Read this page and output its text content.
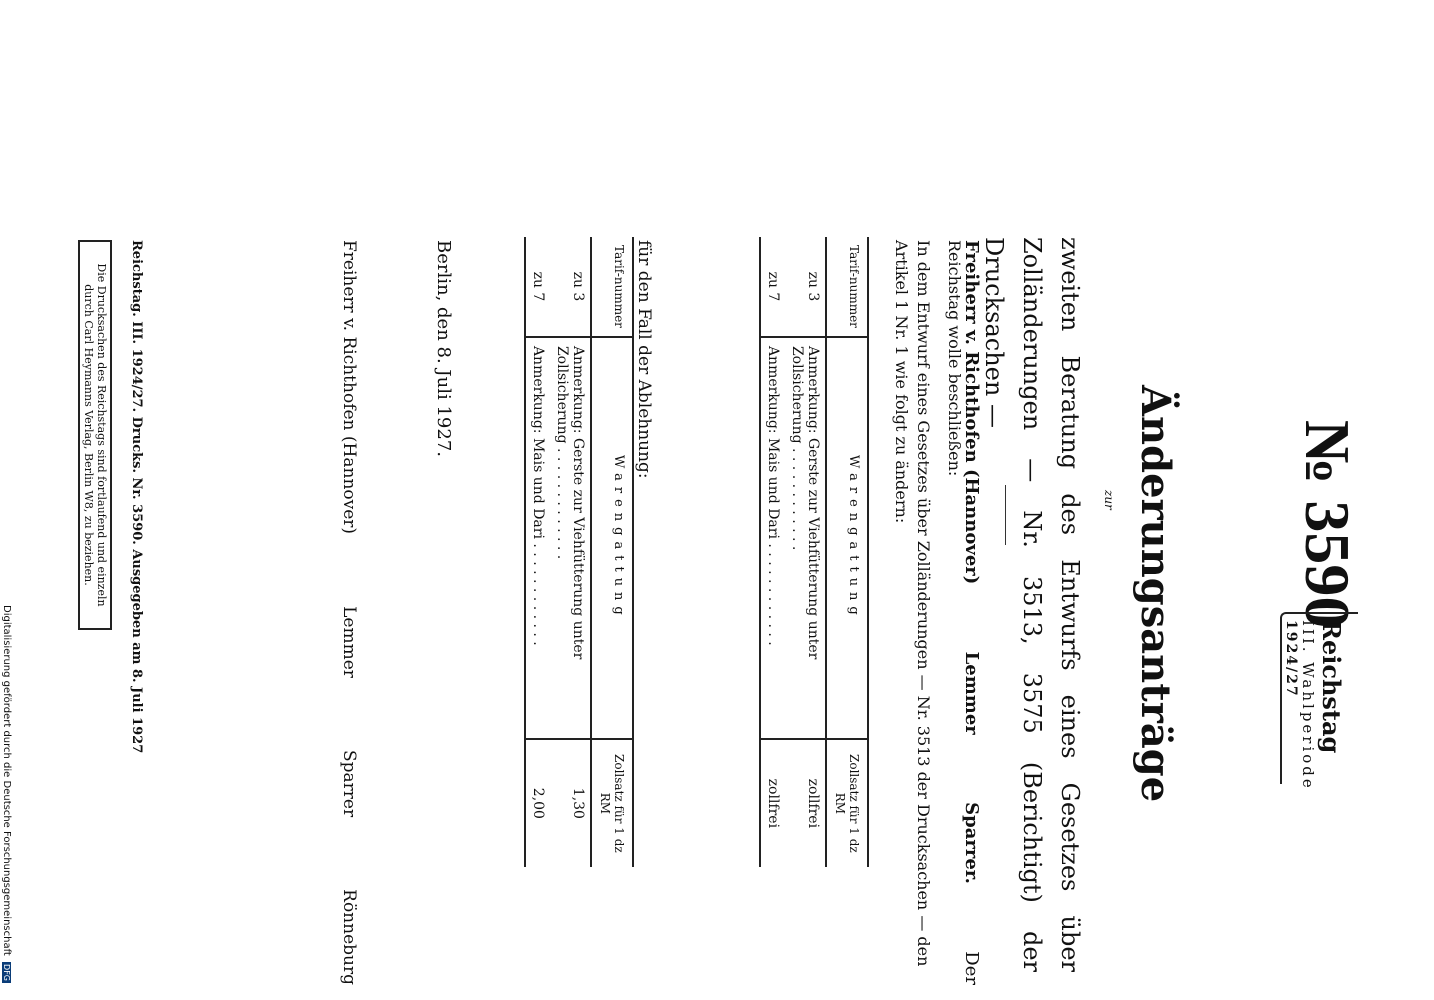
№ 3590
Reichstag
III. Wahlperiode
1924/27
Änderungsanträge
zur
zweiten Beratung des Entwurfs eines Gesetzes über Zolländerungen — Nr. 3513, 3575 (Berichtigt) der Drucksachen —
Freiherr v. Richthofen (Hannover)
Lemmer
Sparrer.
Der
Reichstag wolle beschließen:
In dem Entwurf eines Gesetzes über Zolländerungen — Nr. 3513 der Drucksachen — den Artikel 1 Nr. 1 wie folgt zu ändern:
Tarif-nummer	Warengattung	Zollsatz für 1 dz RM
zu 3	Anmerkung: Gerste zur Viehfütterung unter Zollsicherung . . . . . . . . . . . .	zollfrei
zu 7	Anmerkung: Mais und Dari . . . . . . . . . . . .	zollfrei
für den Fall der Ablehnung:
Tarif-nummer	Warengattung	Zollsatz für 1 dz RM
zu 3	Anmerkung: Gerste zur Viehfütterung unter Zollsicherung . . . . . . . . . . . . .	1,30
zu 7	Anmerkung: Mais und Dari . . . . . . . . . . . .	2,00
Berlin, den 8. Juli 1927.
Freiherr v. Richthofen (Hannover)
Lemmer
Sparrer
Rönneburg
Reichstag. III. 1924/27. Drucks. Nr. 3590. Ausgegeben am 8. Juli 1927
Die Drucksachen des Reichstags sind fortlaufend und einzeln durch Carl Heymanns Verlag, Berlin W8, zu beziehen.
Digitalisierung gefördert durch die Deutsche Forschungsgemeinschaft DFG
